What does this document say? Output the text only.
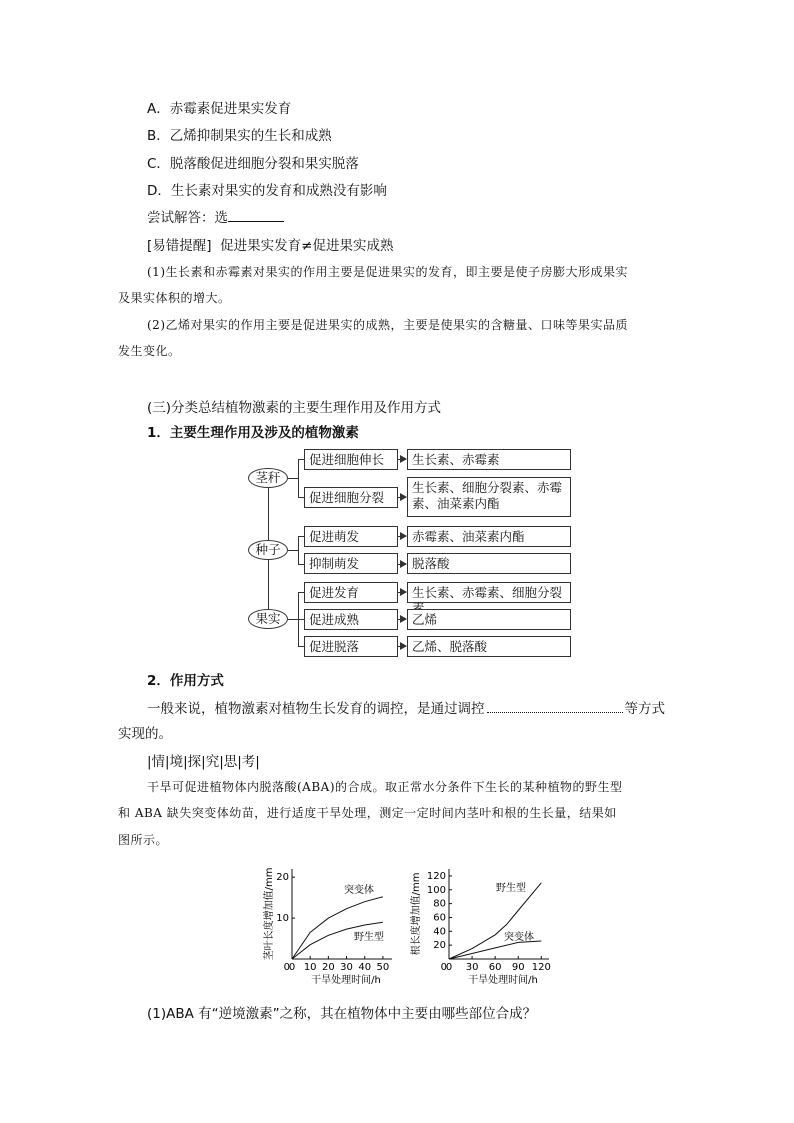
A．赤霉素促进果实发育
B．乙烯抑制果实的生长和成熟
C．脱落酸促进细胞分裂和果实脱落
D．生长素对果实的发育和成熟没有影响
尝试解答：选
[易错提醒] 促进果实发育≠促进果实成熟
(1)生长素和赤霉素对果实的作用主要是促进果实的发育，即主要是使子房膨大形成果实
及果实体积的增大。
(2)乙烯对果实的作用主要是促进果实的成熟，主要是使果实的含糖量、口味等果实品质
发生变化。
(三)分类总结植物激素的主要生理作用及作用方式
1．主要生理作用及涉及的植物激素
茎秆
种子
果实
促进细胞伸长
促进细胞分裂
促进萌发
抑制萌发
促进发育
促进成熟
促进脱落
生长素、赤霉素
生长素、细胞分裂素、赤霉
素、油菜素内酯
赤霉素、油菜素内酯
脱落酸
生长素、赤霉素、细胞分裂
乙烯
乙烯、脱落酸
2．作用方式
一般来说，植物激素对植物生长发育的调控，是通过调控	等方式
实现的。
|情|境|探|究|思|考|
干旱可促进植物体内脱落酸(ABA)的合成。取正常水分条件下生长的某种植物的野生型
和 ABA 缺失突变体幼苗，进行适度干旱处理，测定一定时间内茎叶和根的生长量，结果如
图所示。
0 10 20 30 40 50
10
20
0
干旱处理时间/h
茎叶长度增加值/mm	突变体
野生型
0 30 60 90 120
20
40
60
80
100
120
0
干旱处理时间/h
根长度增加值/mm	野生型
突变体
(1)ABA 有“逆境激素”之称，其在植物体中主要由哪些部位合成？
